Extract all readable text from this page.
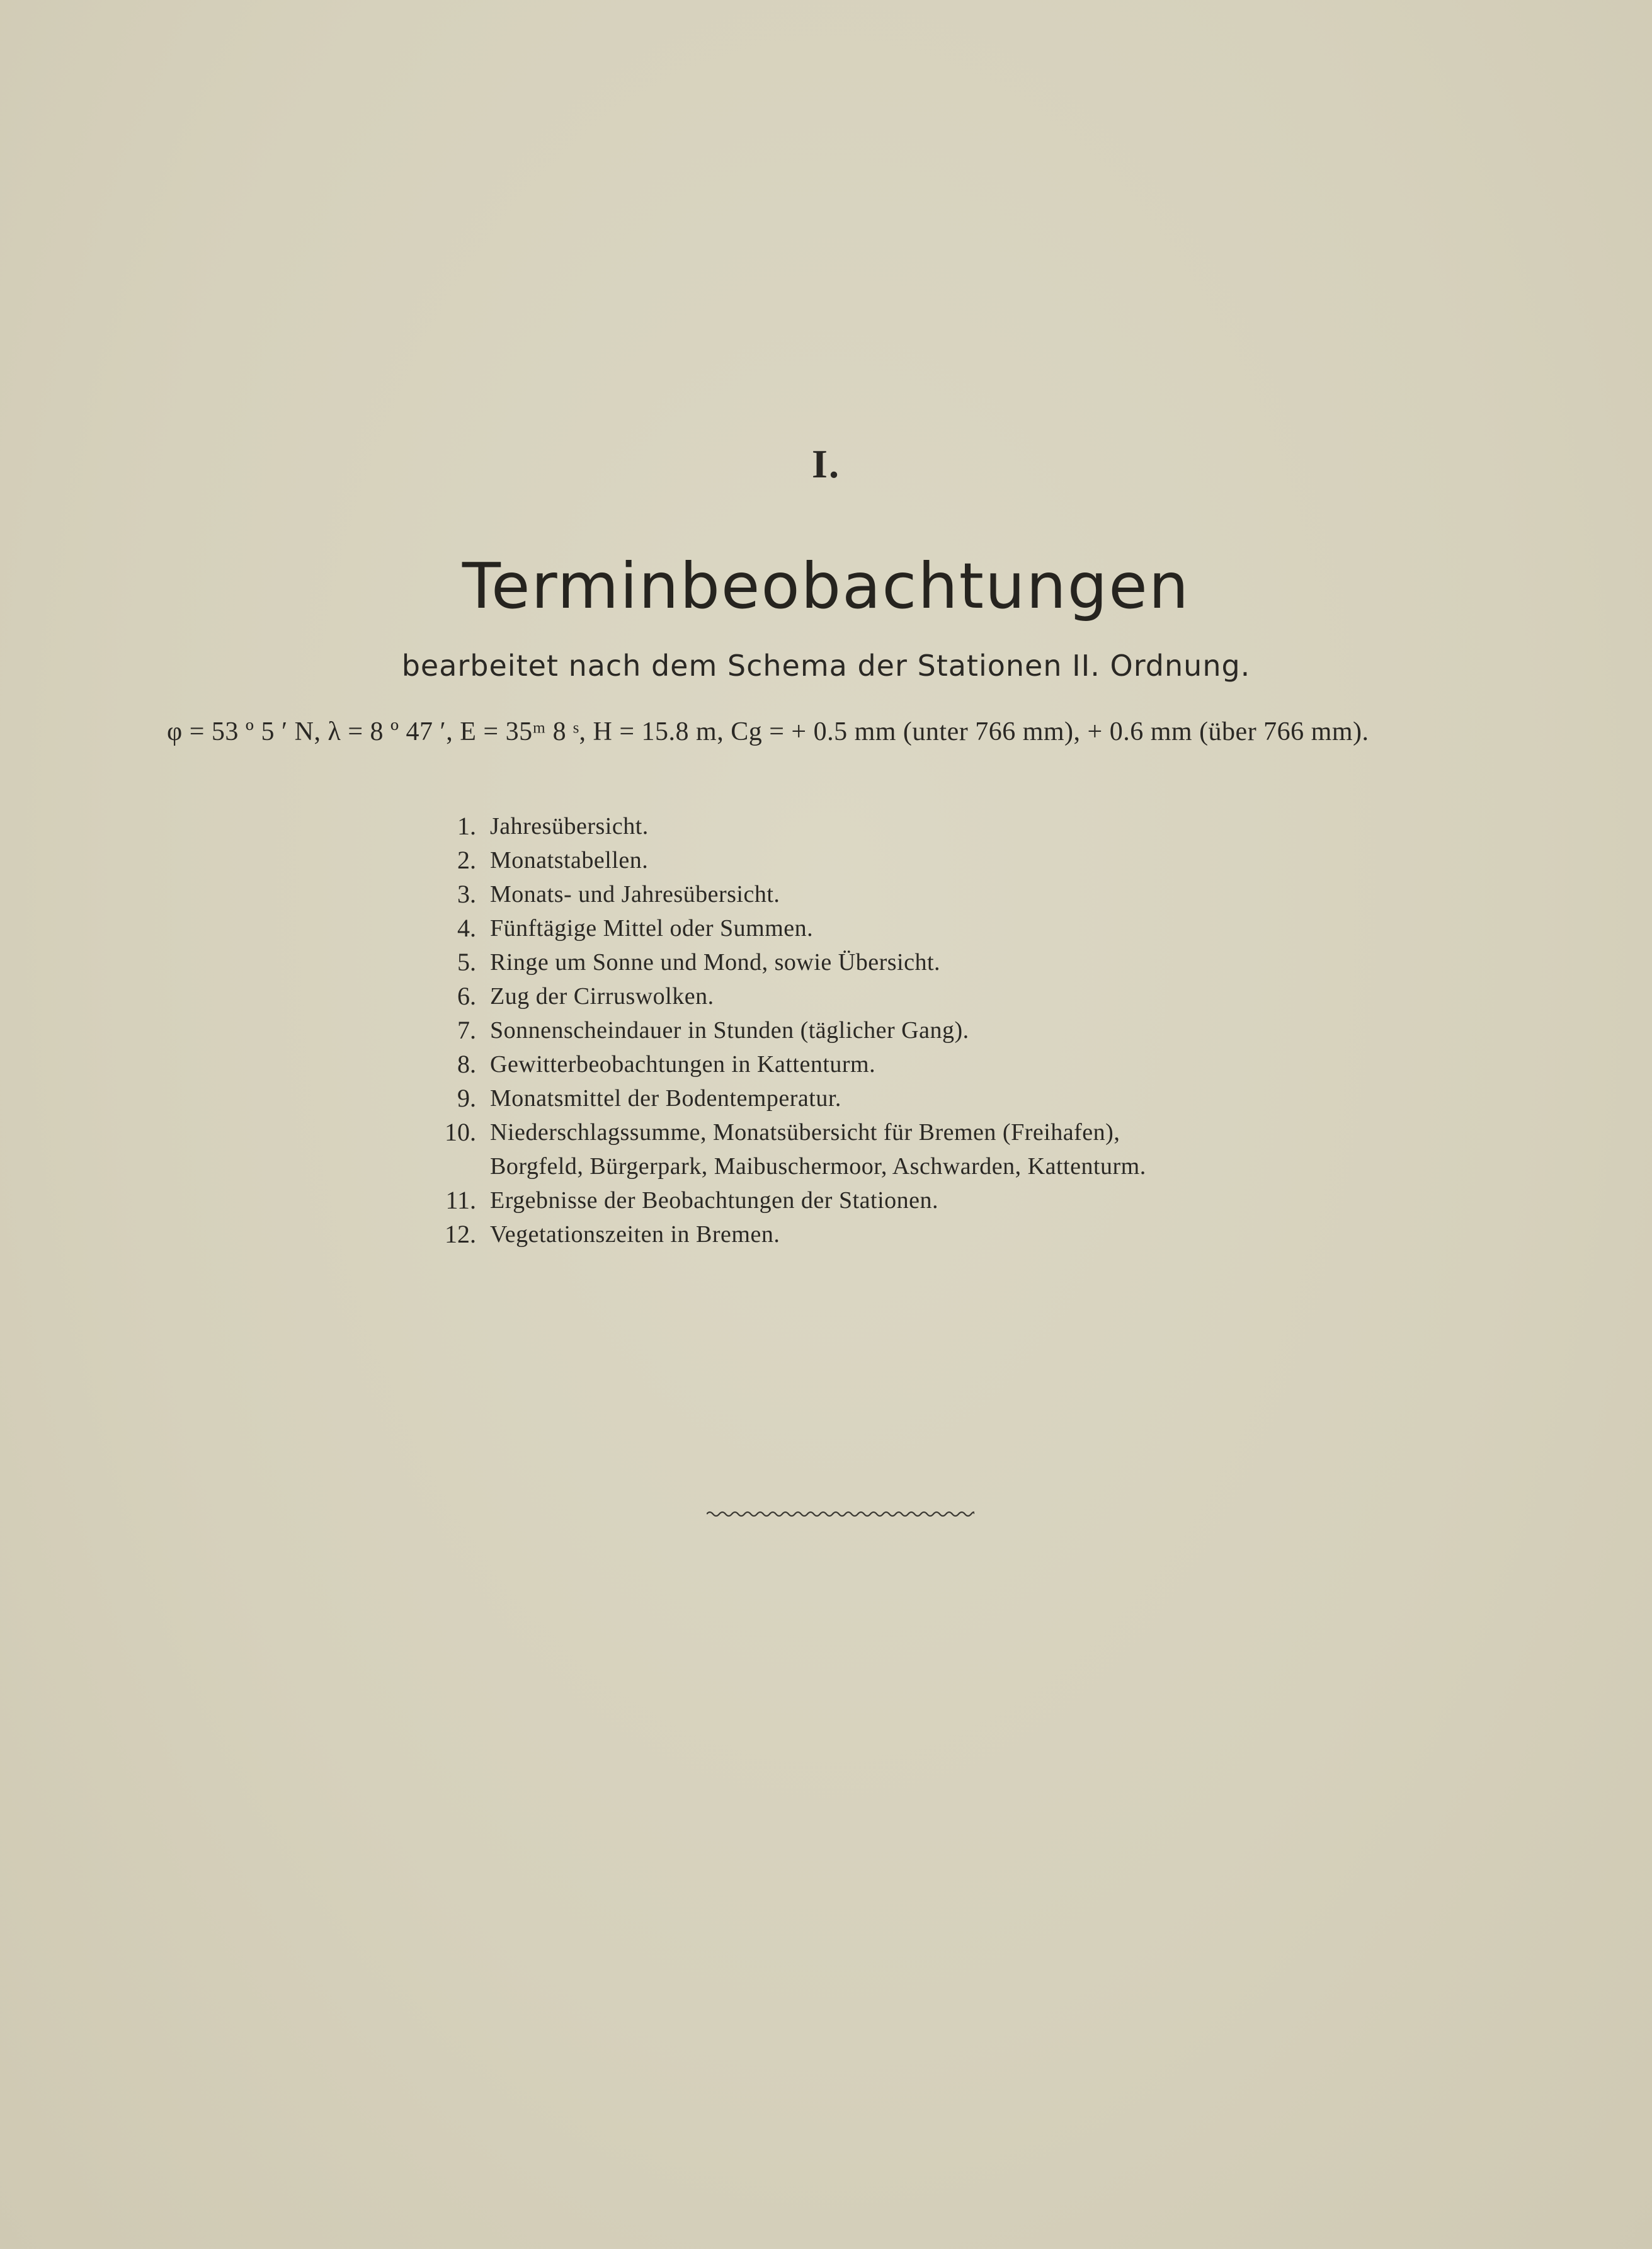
I.
Terminbeobachtungen
bearbeitet nach dem Schema der Stationen II. Ordnung.
φ = 53 º 5 ′ N, λ = 8 º 47 ′, E = 35ᵐ 8 ˢ, H = 15.8 m, Cg = + 0.5 mm (unter 766 mm), + 0.6 mm (über 766 mm).
1. Jahresübersicht.
2. Monatstabellen.
3. Monats- und Jahresübersicht.
4. Fünftägige Mittel oder Summen.
5. Ringe um Sonne und Mond, sowie Übersicht.
6. Zug der Cirruswolken.
7. Sonnenscheindauer in Stunden (täglicher Gang).
8. Gewitterbeobachtungen in Kattenturm.
9. Monatsmittel der Bodentemperatur.
10. Niederschlagssumme, Monatsübersicht für Bremen (Freihafen),
Borgfeld, Bürgerpark, Maibuschermoor, Aschwarden, Kattenturm.
11. Ergebnisse der Beobachtungen der Stationen.
12. Vegetationszeiten in Bremen.
